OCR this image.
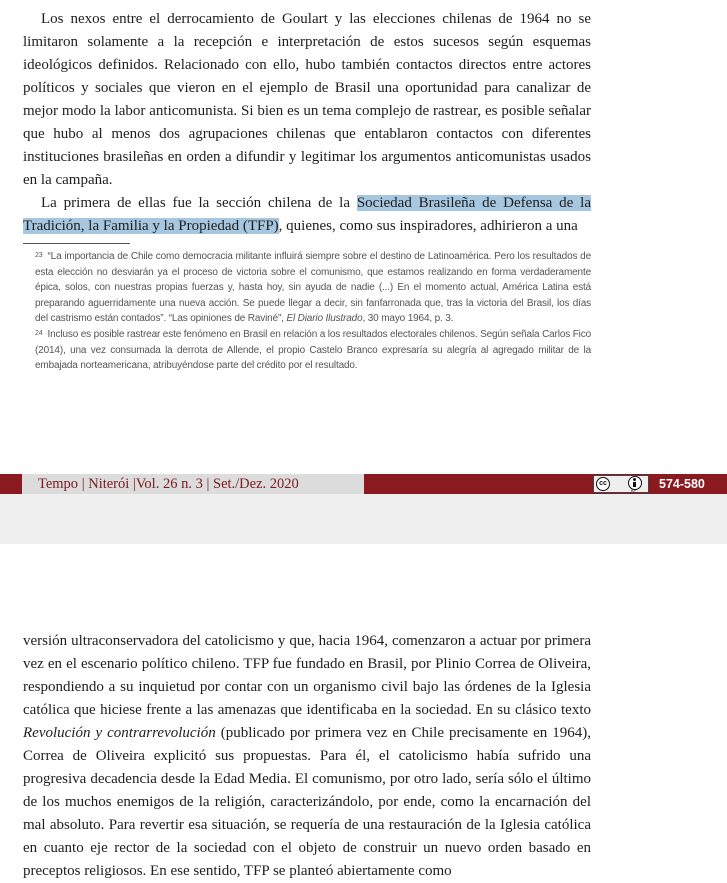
Los nexos entre el derrocamiento de Goulart y las elecciones chilenas de 1964 no se limitaron solamente a la recepción e interpretación de estos sucesos según esquemas ideológicos definidos. Relacionado con ello, hubo también contactos directos entre actores políticos y sociales que vieron en el ejemplo de Brasil una oportunidad para canalizar de mejor modo la labor anticomunista. Si bien es un tema complejo de rastrear, es posible señalar que hubo al menos dos agrupaciones chilenas que entablaron contactos con diferentes instituciones brasileñas en orden a difundir y legitimar los argumentos anticomunistas usados en la campaña.

La primera de ellas fue la sección chilena de la Sociedad Brasileña de Defensa de la Tradición, la Familia y la Propiedad (TFP), quienes, como sus inspiradores, adhirieron a una

$^{23}$ “La importancia de Chile como democracia militante influirá siempre sobre el destino de Latinoamérica. Pero los resultados de esta elección no desviarán ya el proceso de victoria sobre el comunismo, que estamos realizando en forma verdaderamente épica, solos, con nuestras propias fuerzas y, hasta hoy, sin ayuda de nadie (...) En el momento actual, América Latina está preparando aguerridamente una nueva acción. Se puede llegar a decir, sin fanfarronada que, tras la victoria del Brasil, los días del castrismo están contados”. “Las opiniones de Raviné”, El Diario Ilustrado, 30 mayo 1964, p. 3.

$^{24}$ Incluso es posible rastrear este fenómeno en Brasil en relación a los resultados electorales chilenos. Según señala Carlos Fico (2014), una vez consumada la derrota de Allende, el propio Castelo Branco expresaría su alegría al agregado militar de la embajada norteamericana, atribuyéndose parte del crédito por el resultado.

Tempo | Niterói |Vol. 26 n. 3 | Set./Dez. 2020	cc
BY 574-580

versión ultraconservadora del catolicismo y que, hacia 1964, comenzaron a actuar por primera vez en el escenario político chileno. TFP fue fundado en Brasil, por Plinio Correa de Oliveira, respondiendo a su inquietud por contar con un organismo civil bajo las órdenes de la Iglesia católica que hiciese frente a las amenazas que identificaba en la sociedad. En su clásico texto Revolución y contrarrevolución (publicado por primera vez en Chile precisamente en 1964), Correa de Oliveira explicitó sus propuestas. Para él, el catolicismo había sufrido una progresiva decadencia desde la Edad Media. El comunismo, por otro lado, sería sólo el último de los muchos enemigos de la religión, caracterizándolo, por ende, como la encarnación del mal absoluto. Para revertir esa situación, se requería de una restauración de la Iglesia católica en cuanto eje rector de la sociedad con el objeto de construir un nuevo orden basado en preceptos religiosos. En ese sentido, TFP se planteó abiertamente como
